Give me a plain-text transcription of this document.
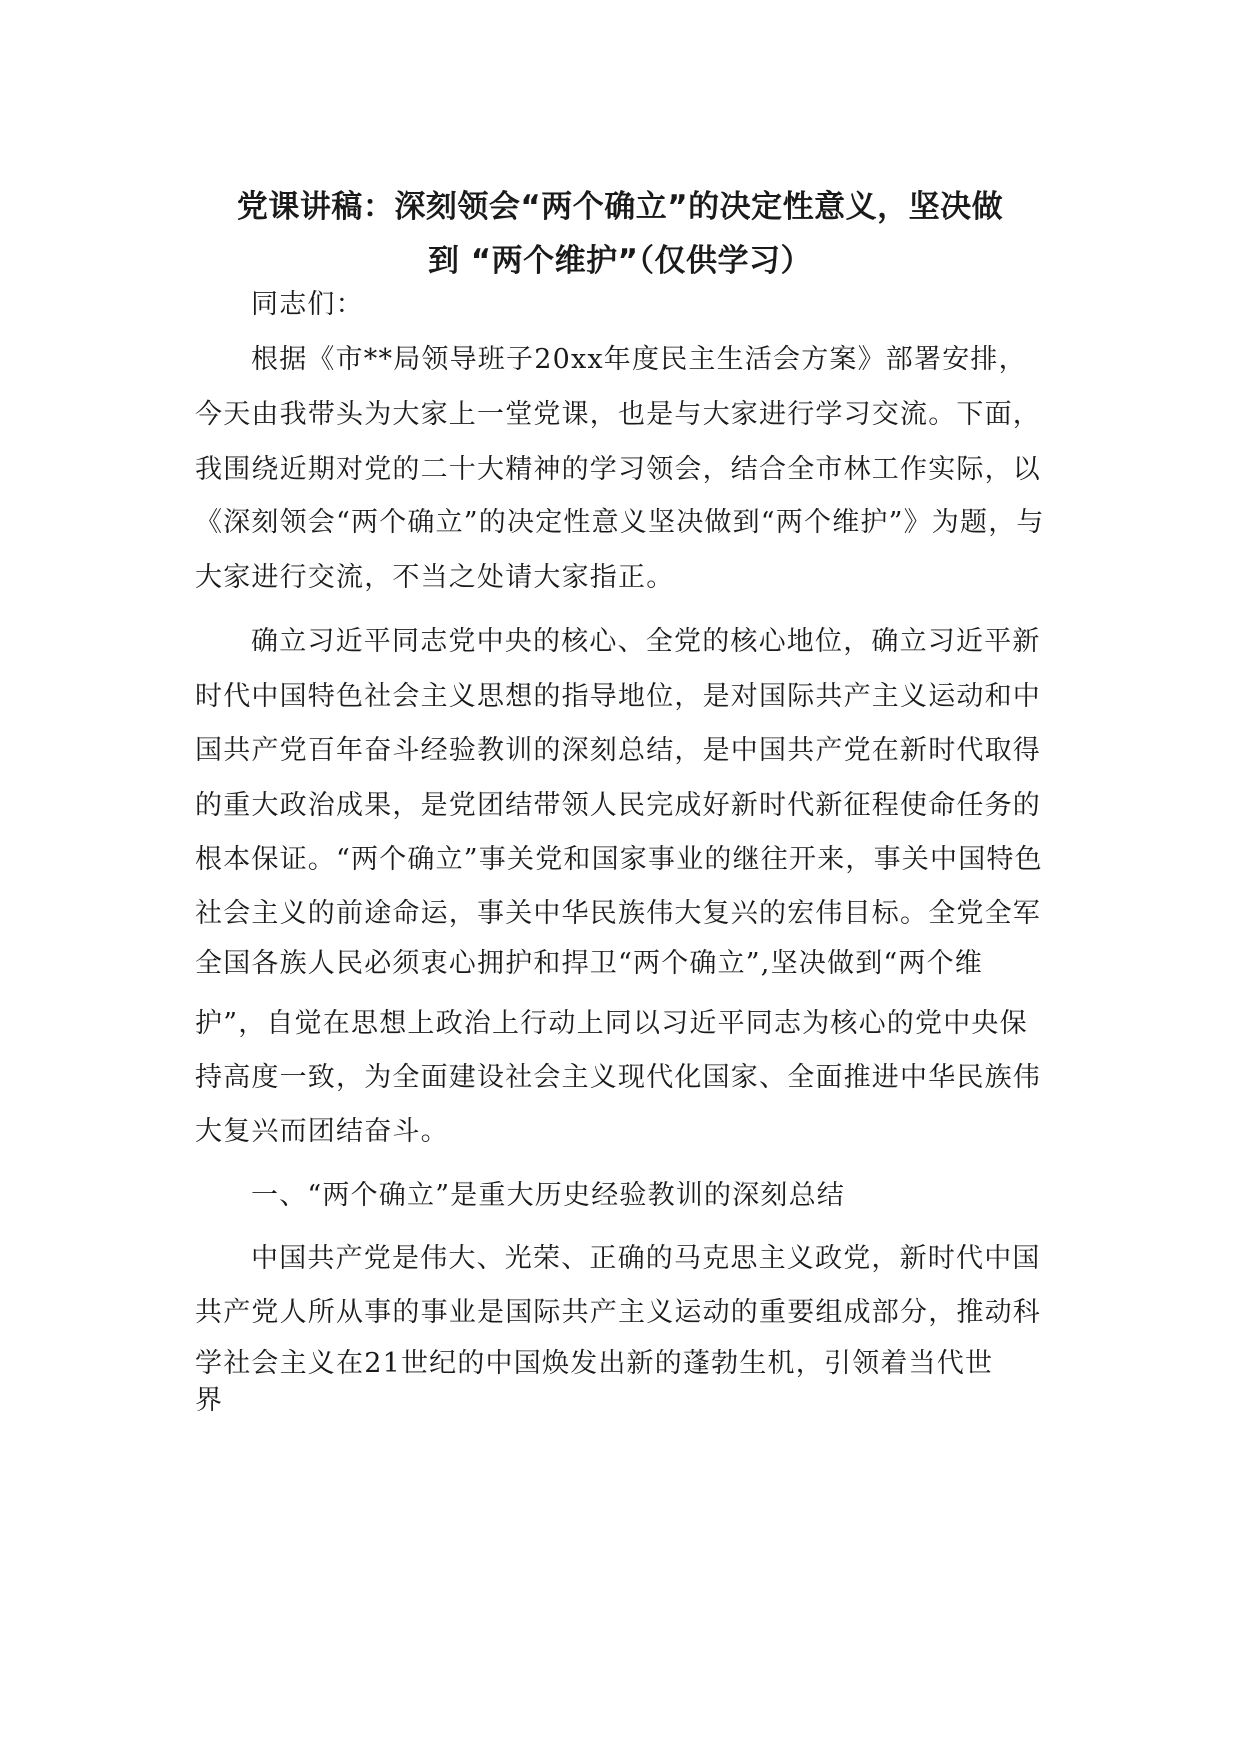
党课讲稿：深刻领会“两个确立”的决定性意义，坚决做
到 “两个维护”（仅供学习）
同志们：
根据《市**局领导班子20xx年度民主生活会方案》部署安排，
今天由我带头为大家上一堂党课，也是与大家进行学习交流。下面，
我围绕近期对党的二十大精神的学习领会，结合全市林工作实际，以
《深刻领会“两个确立”的决定性意义坚决做到“两个维护”》为题，与
大家进行交流，不当之处请大家指正。
确立习近平同志党中央的核心、全党的核心地位，确立习近平新
时代中国特色社会主义思想的指导地位，是对国际共产主义运动和中
国共产党百年奋斗经验教训的深刻总结，是中国共产党在新时代取得
的重大政治成果，是党团结带领人民完成好新时代新征程使命任务的
根本保证。“两个确立”事关党和国家事业的继往开来，事关中国特色
社会主义的前途命运，事关中华民族伟大复兴的宏伟目标。全党全军
全国各族人民必须衷心拥护和捍卫“两个确立”,坚决做到“两个维
护”，自觉在思想上政治上行动上同以习近平同志为核心的党中央保
持高度一致，为全面建设社会主义现代化国家、全面推进中华民族伟
大复兴而团结奋斗。
一、“两个确立”是重大历史经验教训的深刻总结
中国共产党是伟大、光荣、正确的马克思主义政党，新时代中国
共产党人所从事的事业是国际共产主义运动的重要组成部分，推动科
学社会主义在21世纪的中国焕发出新的蓬勃生机，引领着当代世
界
